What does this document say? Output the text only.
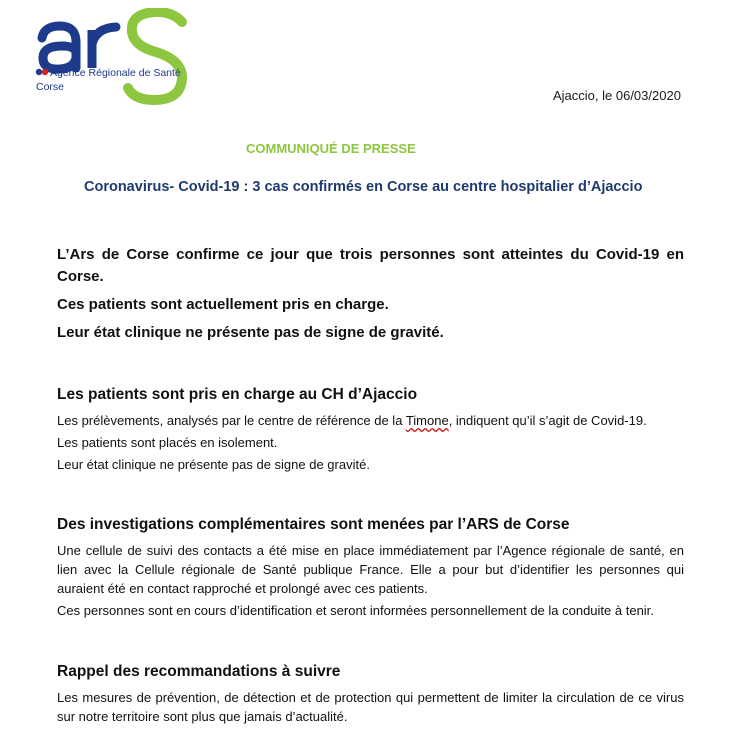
Agence Régionale de Santé
Corse
Ajaccio, le 06/03/2020
COMMUNIQUÉ DE PRESSE
Coronavirus- Covid-19 : 3 cas confirmés en Corse au centre hospitalier d’Ajaccio

L’Ars de Corse confirme ce jour que trois personnes sont atteintes du Covid-19 en Corse.

Ces patients sont actuellement pris en charge.

Leur état clinique ne présente pas de signe de gravité.

Les patients sont pris en charge au CH d’Ajaccio

Les prélèvements, analysés par le centre de référence de la Timone, indiquent qu’il s’agit de Covid-19.

Les patients sont placés en isolement.

Leur état clinique ne présente pas de signe de gravité.

Des investigations complémentaires sont menées par l’ARS de Corse

Une cellule de suivi des contacts a été mise en place immédiatement par l’Agence régionale de santé, en lien avec la Cellule régionale de Santé publique France. Elle a pour but d’identifier les personnes qui auraient été en contact rapproché et prolongé avec ces patients.

Ces personnes sont en cours d’identification et seront informées personnellement de la conduite à tenir.

Rappel des recommandations à suivre

Les mesures de prévention, de détection et de protection qui permettent de limiter la circulation de ce virus sur notre territoire sont plus que jamais d’actualité.
